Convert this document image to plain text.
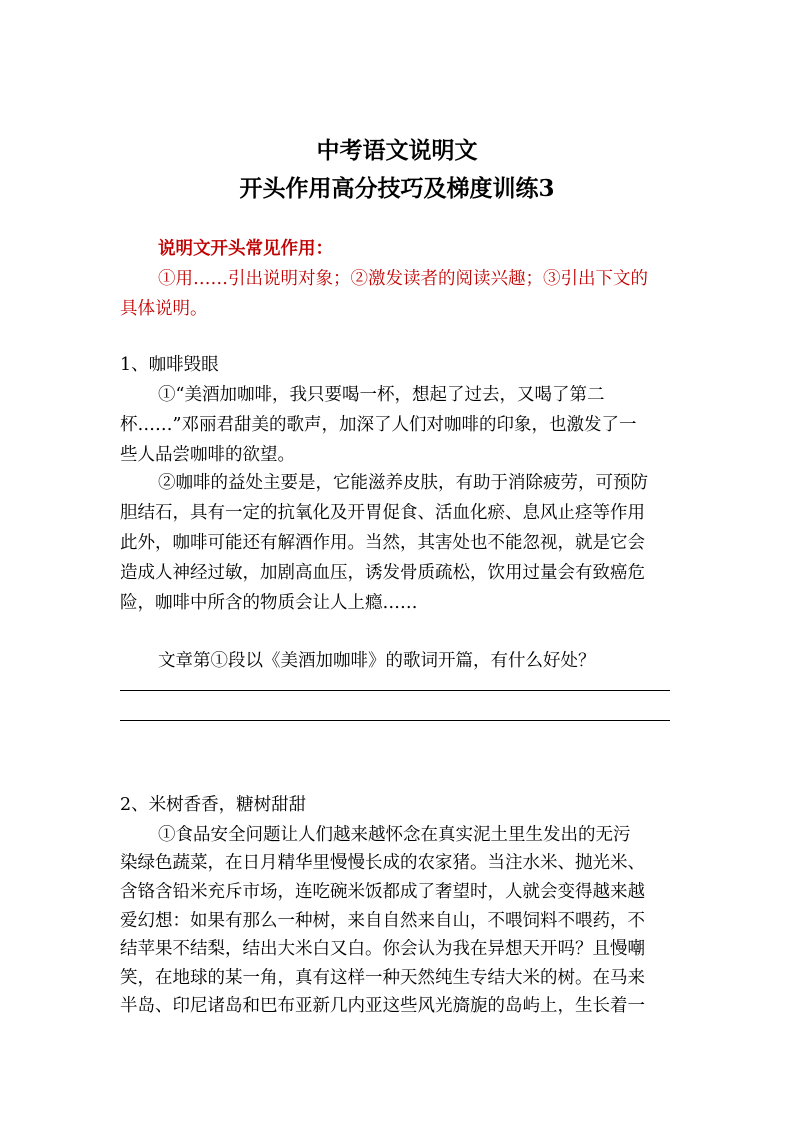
中考语文说明文
开头作用高分技巧及梯度训练3
说明文开头常见作用：
①用……引出说明对象；②激发读者的阅读兴趣；③引出下文的
具体说明。
1、咖啡毁眼
①“美酒加咖啡，我只要喝一杯，想起了过去，又喝了第二
杯……”邓丽君甜美的歌声，加深了人们对咖啡的印象，也激发了一
些人品尝咖啡的欲望。
②咖啡的益处主要是，它能滋养皮肤，有助于消除疲劳，可预防
胆结石，具有一定的抗氧化及开胃促食、活血化瘀、息风止痉等作用
此外，咖啡可能还有解酒作用。当然，其害处也不能忽视，就是它会
造成人神经过敏，加剧高血压，诱发骨质疏松，饮用过量会有致癌危
险，咖啡中所含的物质会让人上瘾……
文章第①段以《美酒加咖啡》的歌词开篇，有什么好处？
2、米树香香，糖树甜甜
①食品安全问题让人们越来越怀念在真实泥土里生发出的无污
染绿色蔬菜，在日月精华里慢慢长成的农家猪。当注水米、抛光米、
含铬含铅米充斥市场，连吃碗米饭都成了奢望时，人就会变得越来越
爱幻想：如果有那么一种树，来自自然来自山，不喂饲料不喂药，不
结苹果不结梨，结出大米白又白。你会认为我在异想天开吗？且慢嘲
笑，在地球的某一角，真有这样一种天然纯生专结大米的树。在马来
半岛、印尼诸岛和巴布亚新几内亚这些风光旖旎的岛屿上，生长着一
